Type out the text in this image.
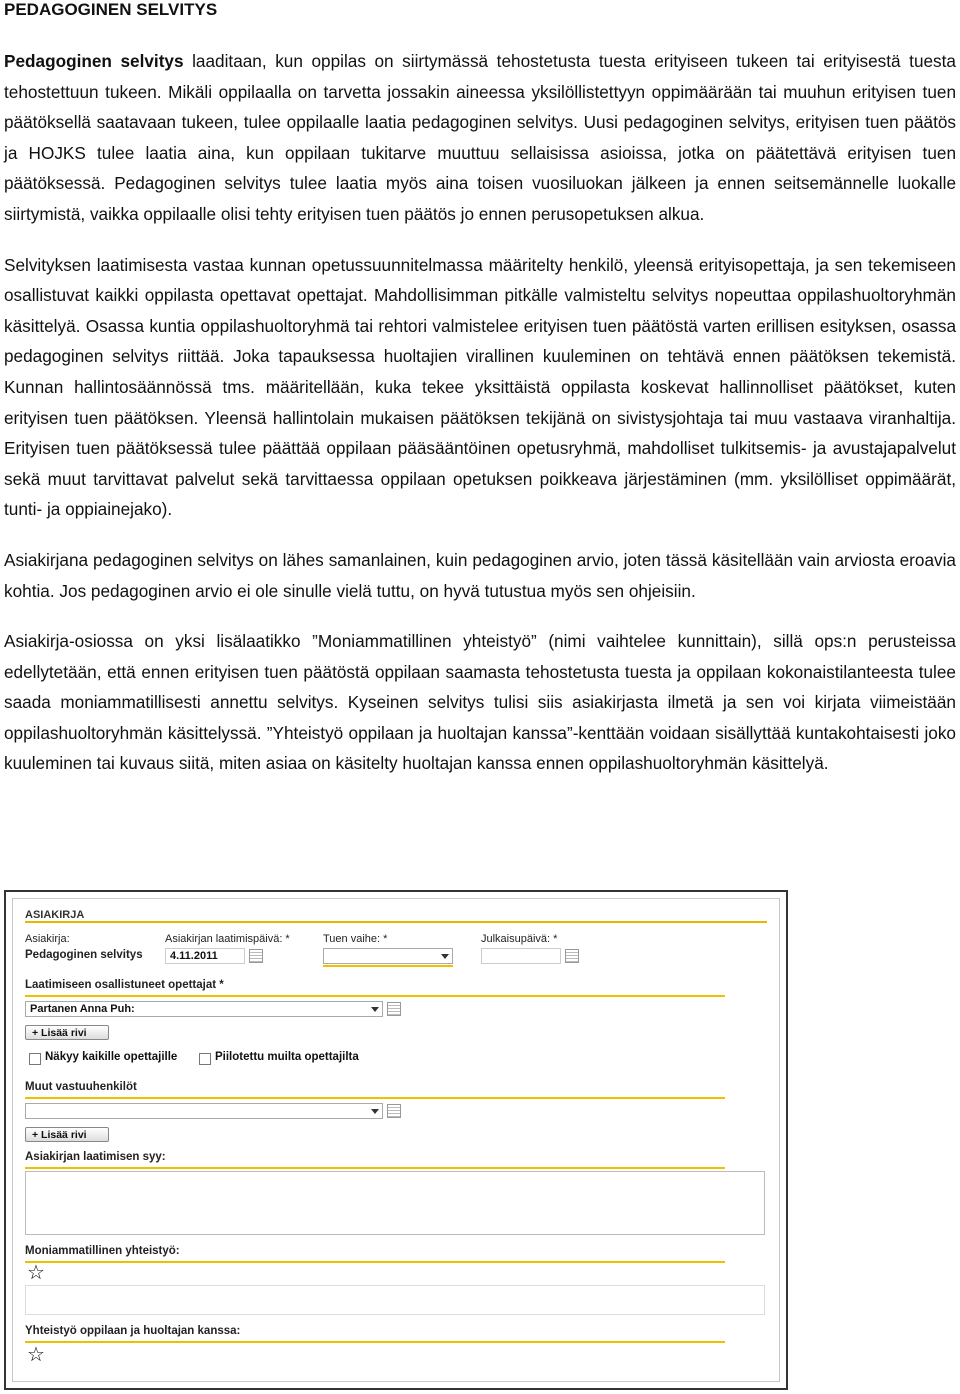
PEDAGOGINEN SELVITYS

Pedagoginen selvitys laaditaan, kun oppilas on siirtymässä tehostetusta tuesta erityiseen tukeen tai erityisestä tuesta tehostettuun tukeen. Mikäli oppilaalla on tarvetta jossakin aineessa yksilöllistettyyn oppimäärään tai muuhun erityisen tuen päätöksellä saatavaan tukeen, tulee oppilaalle laatia pedagoginen selvitys. Uusi pedagoginen selvitys, erityisen tuen päätös ja HOJKS tulee laatia aina, kun oppilaan tukitarve muuttuu sellaisissa asioissa, jotka on päätettävä erityisen tuen päätöksessä. Pedagoginen selvitys tulee laatia myös aina toisen vuosiluokan jälkeen ja ennen seitsemännelle luokalle siirtymistä, vaikka oppilaalle olisi tehty erityisen tuen päätös jo ennen perusopetuksen alkua.

Selvityksen laatimisesta vastaa kunnan opetussuunnitelmassa määritelty henkilö, yleensä erityisopettaja, ja sen tekemiseen osallistuvat kaikki oppilasta opettavat opettajat. Mahdollisimman pitkälle valmisteltu selvitys nopeuttaa oppilashuoltoryhmän käsittelyä. Osassa kuntia oppilashuoltoryhmä tai rehtori valmistelee erityisen tuen päätöstä varten erillisen esityksen, osassa pedagoginen selvitys riittää. Joka tapauksessa huoltajien virallinen kuuleminen on tehtävä ennen päätöksen tekemistä. Kunnan hallintosäännössä tms. määritellään, kuka tekee yksittäistä oppilasta koskevat hallinnolliset päätökset, kuten erityisen tuen päätöksen. Yleensä hallintolain mukaisen päätöksen tekijänä on sivistysjohtaja tai muu vastaava viranhaltija. Erityisen tuen päätöksessä tulee päättää oppilaan pääsääntöinen opetusryhmä, mahdolliset tulkitsemis- ja avustajapalvelut sekä muut tarvittavat palvelut sekä tarvittaessa oppilaan opetuksen poikkeava järjestäminen (mm. yksilölliset oppimäärät, tunti- ja oppiainejako).

Asiakirjana pedagoginen selvitys on lähes samanlainen, kuin pedagoginen arvio, joten tässä käsitellään vain arviosta eroavia kohtia. Jos pedagoginen arvio ei ole sinulle vielä tuttu, on hyvä tutustua myös sen ohjeisiin.

Asiakirja-osiossa on yksi lisälaatikko ”Moniammatillinen yhteistyö” (nimi vaihtelee kunnittain), sillä ops:n perusteissa edellytetään, että ennen erityisen tuen päätöstä oppilaan saamasta tehostetusta tuesta ja oppilaan kokonaistilanteesta tulee saada moniammatillisesti annettu selvitys. Kyseinen selvitys tulisi siis asiakirjasta ilmetä ja sen voi kirjata viimeistään oppilashuoltoryhmän käsittelyssä. ”Yhteistyö oppilaan ja huoltajan kanssa”-kenttään voidaan sisällyttää kuntakohtaisesti joko kuuleminen tai kuvaus siitä, miten asiaa on käsitelty huoltajan kanssa ennen oppilashuoltoryhmän käsittelyä.

ASIAKIRJA
Asiakirja:
Pedagoginen selvitys
Asiakirjan laatimispäivä: *
4.11.2011
Tuen vaihe: *	Julkaisupäivä: *
Laatimiseen osallistuneet opettajat *
Partanen Anna Puh:
+ Lisää rivi
Näkyy kaikille opettajille	Piilotettu muilta opettajilta
Muut vastuuhenkilöt
+ Lisää rivi
Asiakirjan laatimisen syy:
Moniammatillinen yhteistyö:
☆
Yhteistyö oppilaan ja huoltajan kanssa:
☆
